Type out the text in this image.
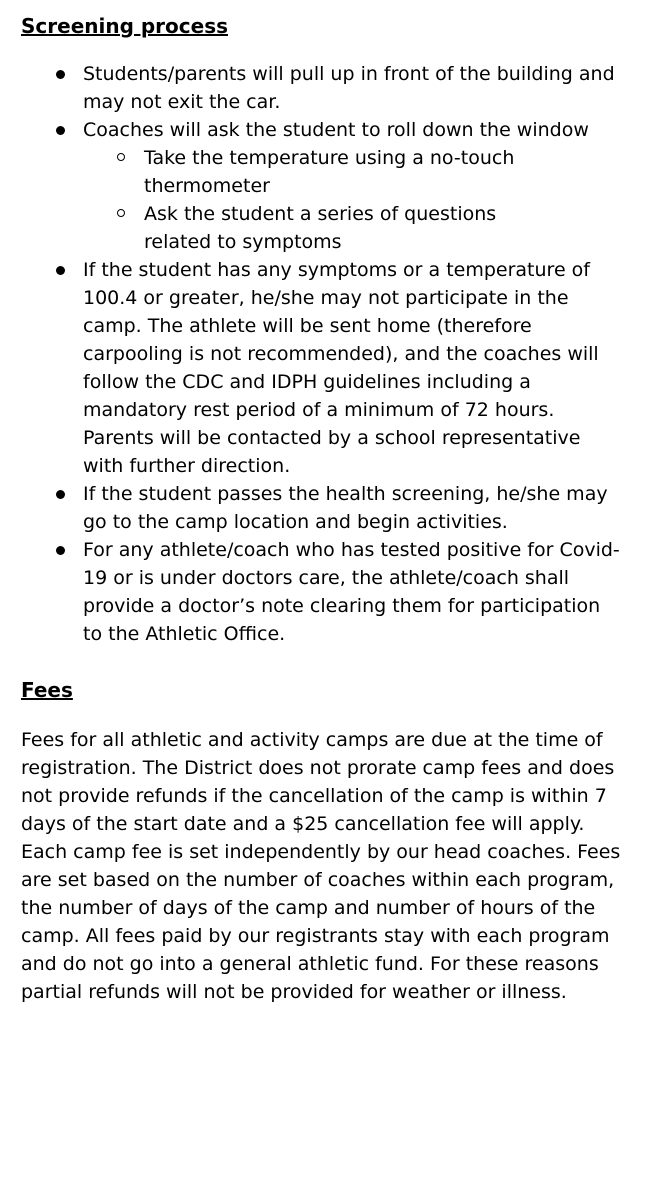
Screening process
Students/parents will pull up in front of the building and may not exit the car.
Coaches will ask the student to roll down the window
Take the temperature using a no-touch thermometer
Ask the student a series of questions related to symptoms
If the student has any symptoms or a temperature of 100.4 or greater, he/she may not participate in the camp. The athlete will be sent home (therefore carpooling is not recommended), and the coaches will follow the CDC and IDPH guidelines including a mandatory rest period of a minimum of 72 hours. Parents will be contacted by a school representative with further direction.
If the student passes the health screening, he/she may go to the camp location and begin activities.
For any athlete/coach who has tested positive for Covid-19 or is under doctors care, the athlete/coach shall provide a doctor’s note clearing them for participation to the Athletic Office.
Fees

Fees for all athletic and activity camps are due at the time of registration. The District does not prorate camp fees and does not provide refunds if the cancellation of the camp is within 7 days of the start date and a $25 cancellation fee will apply.
Each camp fee is set independently by our head coaches. Fees are set based on the number of coaches within each program, the number of days of the camp and number of hours of the camp. All fees paid by our registrants stay with each program and do not go into a general athletic fund. For these reasons partial refunds will not be provided for weather or illness.
